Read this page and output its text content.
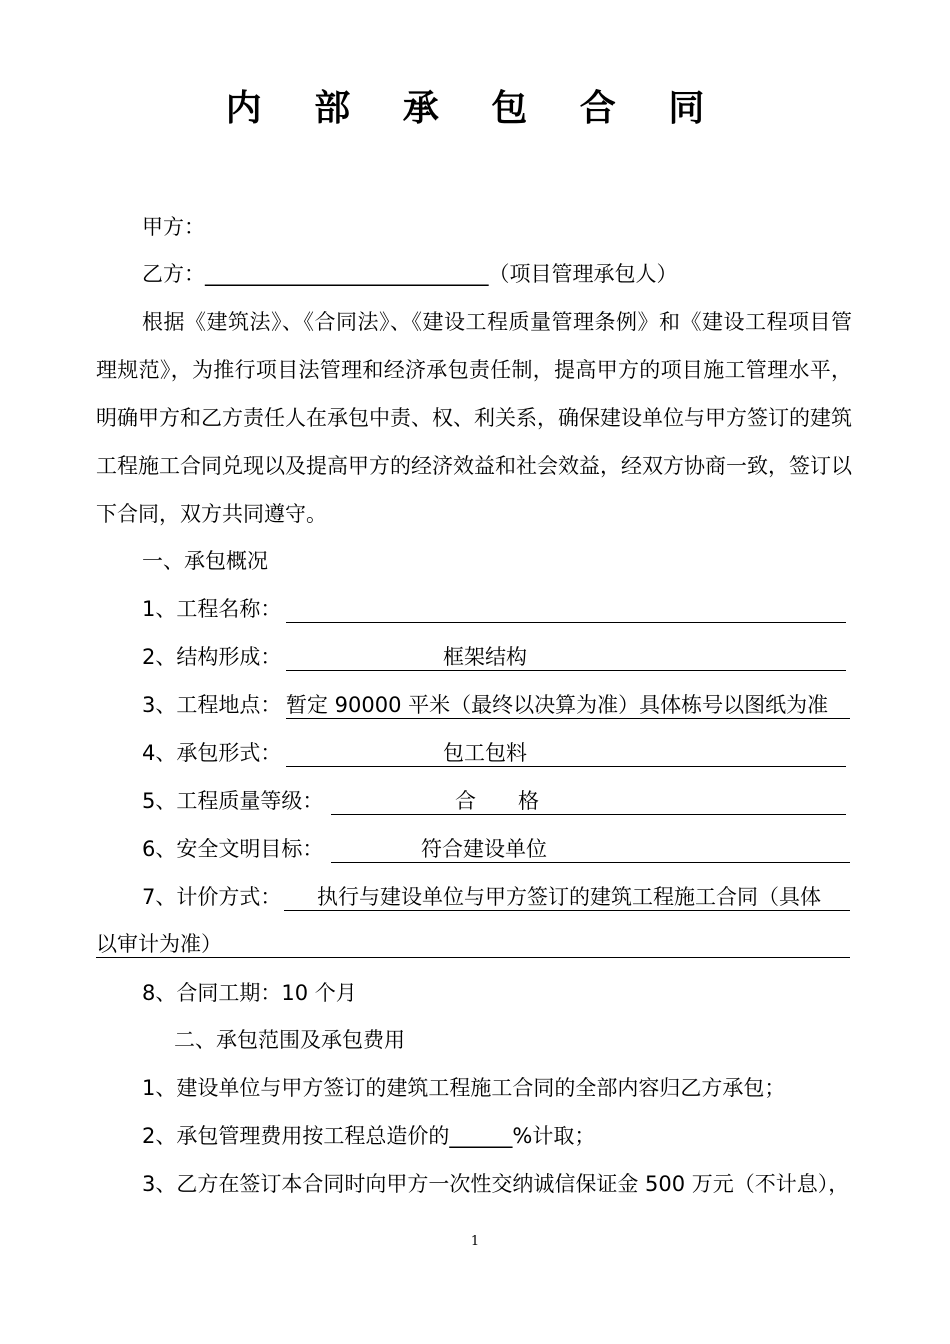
内 部 承 包 合 同
甲方：
乙方：___________________________（项目管理承包人）
根据《建筑法》、《合同法》、《建设工程质量管理条例》和《建设工程项目管理规范》，为推行项目法管理和经济承包责任制，提高甲方的项目施工管理水平，明确甲方和乙方责任人在承包中责、权、利关系，确保建设单位与甲方签订的建筑工程施工合同兑现以及提高甲方的经济效益和社会效益，经双方协商一致，签订以下合同，双方共同遵守。
一、承包概况
1、工程名称：
2、结构形成：	框架结构
3、工程地点： 暂定 90000 平米（最终以决算为准）具体栋号以图纸为准
4、承包形式：	包工包料
5、工程质量等级：	合　　格
6、安全文明目标：	符合建设单位
7、计价方式： 执行与建设单位与甲方签订的建筑工程施工合同（具体
以审计为准）
8、合同工期：10 个月
二、承包范围及承包费用
1、建设单位与甲方签订的建筑工程施工合同的全部内容归乙方承包；
2、承包管理费用按工程总造价的______%计取；
3、乙方在签订本合同时向甲方一次性交纳诚信保证金 500 万元（不计息），
1
